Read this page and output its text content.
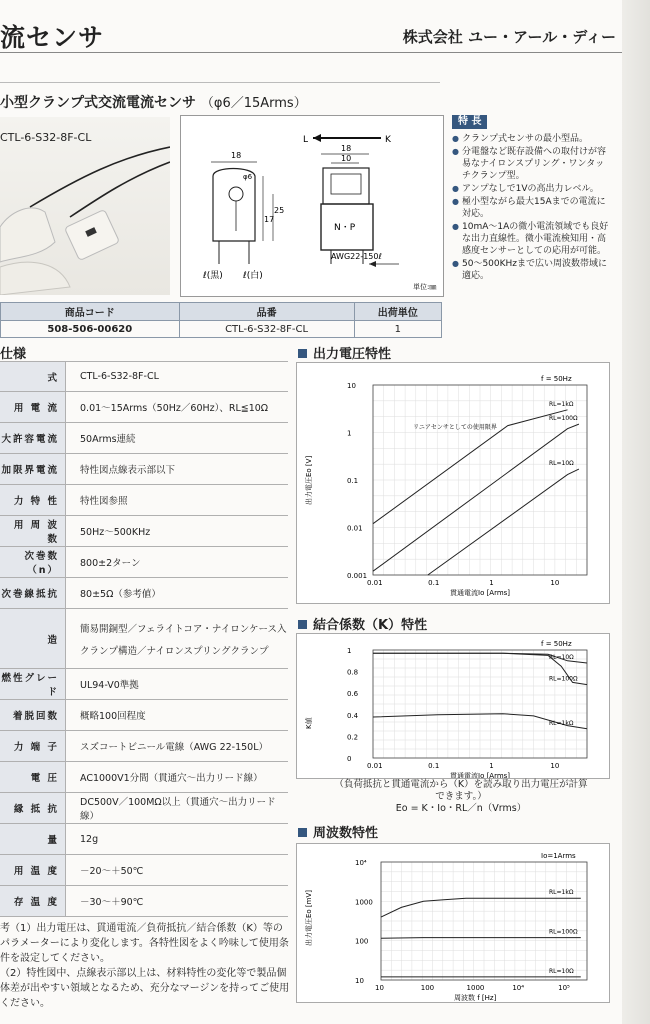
流センサ	株式会社 ユー・アール・ディー
小型クランプ式交流電流センサ （φ6／15Arms）
CTL-6-S32-8F-CL
18
φ6
25
17
ℓ(黒) ℓ(白)
L	K
18
10
N・P
AWG22-150ℓ
単位:㎜
特 長
● クランプ式センサの最小型品。
● 分電盤など既存設備への取付けが容易なナイロンスプリング・ワンタッチクランプ型。
● アンプなしで1Vの高出力レベル。
● 極小型ながら最大15Aまでの電流に対応。
● 10mA～1Aの微小電流領域でも良好な出力直線性。微小電流検知用・高感度センサーとしての応用が可能。
● 50～500KHzまで広い周波数帯域に適応。
商品コード	品番	出荷単位
508-506-00620	CTL-6-S32-8F-CL	1
仕様
式	CTL-6-S32-8F-CL
用 電 流	0.01～15Arms（50Hz／60Hz）、RL≦10Ω
大許容電流	50Arms連続
加限界電流	特性図点線表示部以下
力 特 性	特性図参照
用 周 波 数	50Hz～500KHz
次巻数（n）	800±2ターン
次巻線抵抗	80±5Ω（参考値）
造	簡易開銅型／フェライトコア・ナイロンケース入
クランプ構造／ナイロンスプリングクランプ

燃性グレード	UL94-V0準拠
着脱回数	概略100回程度
力 端 子	スズコートビニール電線（AWG 22-150L）
電 圧	AC1000V1分間（貫通穴～出力リード線）
縁 抵 抗	DC500V／100MΩ以上（貫通穴～出力リード線）
量	12g
用 温 度	－20～＋50℃
存 温 度	－30～＋90℃
考（1）出力電圧は、貫通電流／負荷抵抗／結合係数（K）等のパラメーターにより変化します。各特性図をよく吟味して使用条件を設定してください。
（2）特性図中、点線表示部以上は、材料特性の変化等で製品個体差が出やすい領域となるため、充分なマージンを持ってご使用ください。
出力電圧特性
結合係数（K）特性
周波数特性
0.01	0.1	1	10
0.001
0.01
0.1
1
10
貫通電流Io [Arms]
出力電圧Eo [V]
f = 50Hz
リニアセンサとしての使用限界
RL=1kΩ
RL=100Ω
RL=10Ω
0.01	0.1	1	10
0
0.2
0.4
0.6
0.8
1
貫通電流Io [Arms]
K値
f = 50Hz
RL=10Ω
RL=100Ω
RL=1kΩ
（負荷抵抗と貫通電流から（K）を読み取り出力電圧が計算できます。）
Eo = K・Io・RL／n（Vrms）
10	100	1000	10⁴	10⁵
10
100
1000
10⁴
周波数 f [Hz]
出力電圧Eo [mV]
Io=1Arms
RL=1kΩ
RL=100Ω
RL=10Ω
